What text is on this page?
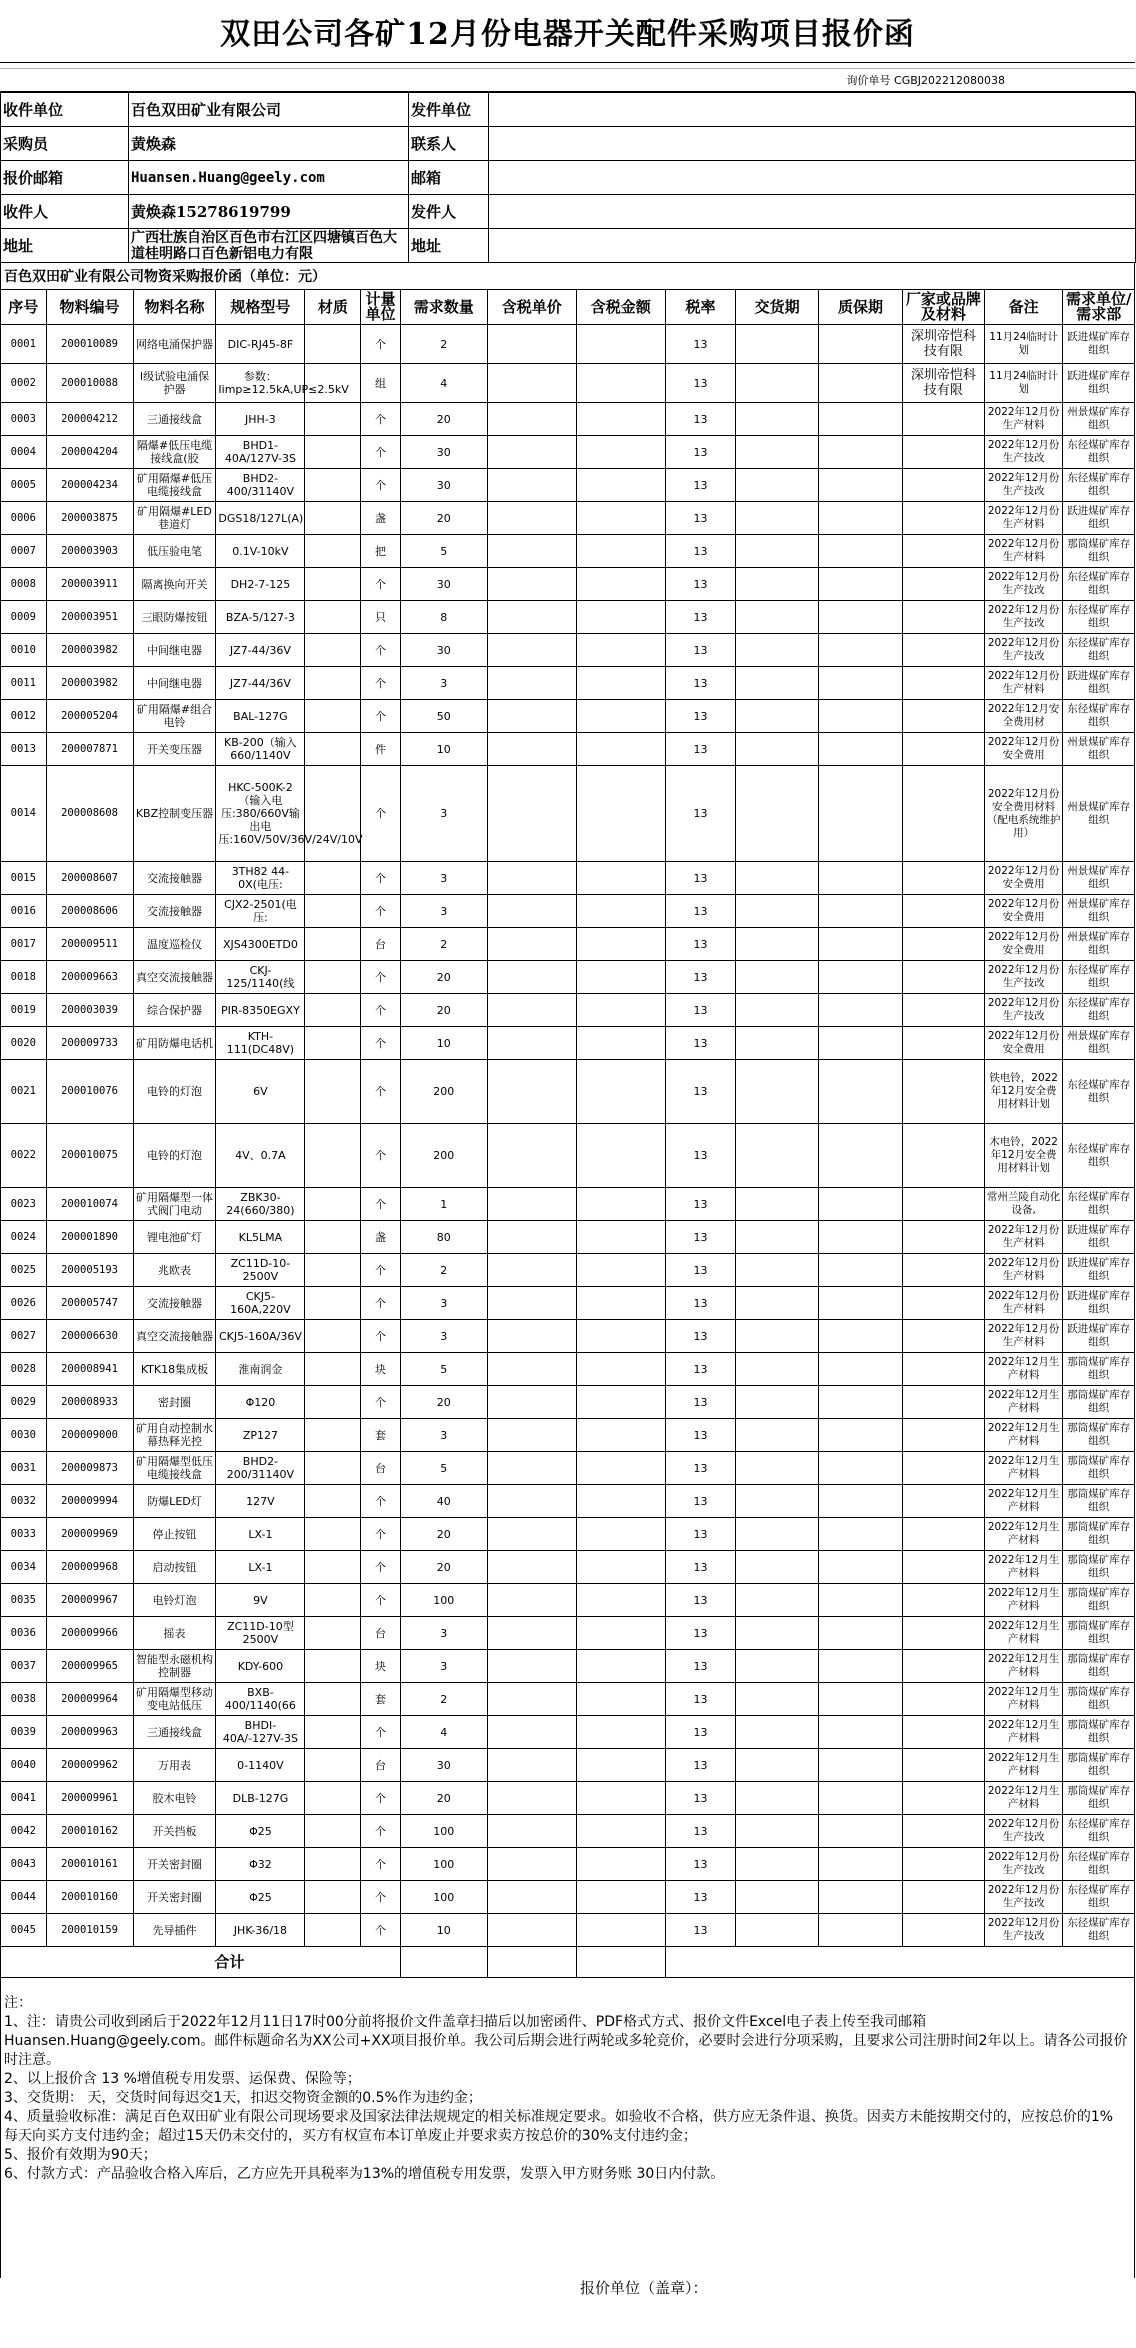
双田公司各矿12月份电器开关配件采购项目报价函
询价单号 CGBJ202212080038
收件单位	百色双田矿业有限公司	发件单位	
采购员	黄焕森	联系人	
报价邮箱	Huansen.Huang@geely.com	邮箱	
收件人	黄焕森15278619799	发件人	
地址	广西壮族自治区百色市右江区四塘镇百色大道桂明路口百色新铝电力有限	地址	
百色双田矿业有限公司物资采购报价函（单位：元）
序号	物料编号	物料名称	规格型号	材质	计量单位	需求数量	含税单价	含税金额	税率	交货期	质保期	厂家或品牌及材料	备注	需求单位/需求部
0001	200010089	网络电涌保护器	DIC-RJ45-8F		个	2			13			深圳帝恺科技有限	11月24临时计划	跃进煤矿库存组织
0002	200010088	I级试验电涌保护器	参数：Iimp≥12.5kA,UP≤2.5kV		组	4			13			深圳帝恺科技有限	11月24临时计划	跃进煤矿库存组织
0003	200004212	三通接线盒	JHH-3		个	20			13				2022年12月份生产材料	州景煤矿库存组织
0004	200004204	隔爆#低压电缆接线盒(胶	BHD1-40A/127V-3S		个	30			13				2022年12月份生产技改	东径煤矿库存组织
0005	200004234	矿用隔爆#低压电缆接线盒	BHD2-400/31140V		个	30			13				2022年12月份生产技改	东径煤矿库存组织
0006	200003875	矿用隔爆#LED巷道灯	DGS18/127L(A)		盏	20			13				2022年12月份生产材料	跃进煤矿库存组织
0007	200003903	低压验电笔	0.1V-10kV		把	5			13				2022年12月份生产材料	那筒煤矿库存组织
0008	200003911	隔离换向开关	DH2-7-125		个	30			13				2022年12月份生产技改	东径煤矿库存组织
0009	200003951	三眼防爆按钮	BZA-5/127-3		只	8			13				2022年12月份生产技改	东径煤矿库存组织
0010	200003982	中间继电器	JZ7-44/36V		个	30			13				2022年12月份生产技改	东径煤矿库存组织
0011	200003982	中间继电器	JZ7-44/36V		个	3			13				2022年12月份生产材料	跃进煤矿库存组织
0012	200005204	矿用隔爆#组合电铃	BAL-127G		个	50			13				2022年12月安全费用材	东径煤矿库存组织
0013	200007871	开关变压器	KB-200（输入660/1140V		件	10			13				2022年12月份安全费用	州景煤矿库存组织
0014	200008608	KBZ控制变压器	HKC-500K-2（输入电压:380/660V输出电压:160V/50V/36V/24V/10V		个	3			13				2022年12月份安全费用材料（配电系统维护用）	州景煤矿库存组织
0015	200008607	交流接触器	3TH82 44-0X(电压:		个	3			13				2022年12月份安全费用	州景煤矿库存组织
0016	200008606	交流接触器	CJX2-2501(电压:		个	3			13				2022年12月份安全费用	州景煤矿库存组织
0017	200009511	温度巡检仪	XJS4300ETD0		台	2			13				2022年12月份安全费用	州景煤矿库存组织
0018	200009663	真空交流接触器	CKJ-125/1140(线		个	20			13				2022年12月份生产技改	东径煤矿库存组织
0019	200003039	综合保护器	PIR-8350EGXY		个	20			13				2022年12月份生产技改	东径煤矿库存组织
0020	200009733	矿用防爆电话机	KTH-111(DC48V)		个	10			13				2022年12月份安全费用	州景煤矿库存组织
0021	200010076	电铃的灯泡	6V		个	200			13				铁电铃，2022年12月安全费用材料计划	东径煤矿库存组织
0022	200010075	电铃的灯泡	4V、0.7A		个	200			13				木电铃，2022年12月安全费用材料计划	东径煤矿库存组织
0023	200010074	矿用隔爆型一体式阀门电动	ZBK30-24(660/380)		个	1			13				常州兰陵自动化设备,	东径煤矿库存组织
0024	200001890	锂电池矿灯	KL5LMA		盏	80			13				2022年12月份生产材料	跃进煤矿库存组织
0025	200005193	兆欧表	ZC11D-10-2500V		个	2			13				2022年12月份生产材料	跃进煤矿库存组织
0026	200005747	交流接触器	CKJ5-160A,220V		个	3			13				2022年12月份生产材料	跃进煤矿库存组织
0027	200006630	真空交流接触器	CKJ5-160A/36V		个	3			13				2022年12月份生产材料	跃进煤矿库存组织
0028	200008941	KTK18集成板	淮南润金		块	5			13				2022年12月生产材料	那筒煤矿库存组织
0029	200008933	密封圈	Φ120		个	20			13				2022年12月生产材料	那筒煤矿库存组织
0030	200009000	矿用自动控制水幕热释光控	ZP127		套	3			13				2022年12月生产材料	那筒煤矿库存组织
0031	200009873	矿用隔爆型低压电缆接线盒	BHD2-200/31140V		台	5			13				2022年12月生产材料	那筒煤矿库存组织
0032	200009994	防爆LED灯	127V		个	40			13				2022年12月生产材料	那筒煤矿库存组织
0033	200009969	停止按钮	LX-1		个	20			13				2022年12月生产材料	那筒煤矿库存组织
0034	200009968	启动按钮	LX-1		个	20			13				2022年12月生产材料	那筒煤矿库存组织
0035	200009967	电铃灯泡	9V		个	100			13				2022年12月生产材料	那筒煤矿库存组织
0036	200009966	摇表	ZC11D-10型2500V		台	3			13				2022年12月生产材料	那筒煤矿库存组织
0037	200009965	智能型永磁机构控制器	KDY-600		块	3			13				2022年12月生产材料	那筒煤矿库存组织
0038	200009964	矿用隔爆型移动变电站低压	BXB-400/1140(66		套	2			13				2022年12月生产材料	那筒煤矿库存组织
0039	200009963	三通接线盒	BHDI-40A/-127V-3S		个	4			13				2022年12月生产材料	那筒煤矿库存组织
0040	200009962	万用表	0-1140V		台	30			13				2022年12月生产材料	那筒煤矿库存组织
0041	200009961	胶木电铃	DLB-127G		个	20			13				2022年12月生产材料	那筒煤矿库存组织
0042	200010162	开关挡板	Φ25		个	100			13				2022年12月份生产技改	东径煤矿库存组织
0043	200010161	开关密封圈	Φ32		个	100			13				2022年12月份生产技改	东径煤矿库存组织
0044	200010160	开关密封圈	Φ25		个	100			13				2022年12月份生产技改	东径煤矿库存组织
0045	200010159	先导插件	JHK-36/18		个	10			13				2022年12月份生产技改	东径煤矿库存组织
合计														
注：
1、注：请贵公司收到函后于2022年12月11日17时00分前将报价文件盖章扫描后以加密函件、PDF格式方式、报价文件Excel电子表上传至我司邮箱Huansen.Huang@geely.com。邮件标题命名为XX公司+XX项目报价单。我公司后期会进行两轮或多轮竞价，必要时会进行分项采购，且要求公司注册时间2年以上。请各公司报价时注意。
2、以上报价含 13 %增值税专用发票、运保费、保险等；
3、交货期： 天，交货时间每迟交1天，扣迟交物资金额的0.5%作为违约金；
4、质量验收标准：满足百色双田矿业有限公司现场要求及国家法律法规规定的相关标准规定要求。如验收不合格，供方应无条件退、换货。因卖方未能按期交付的，应按总价的1% 每天向买方支付违约金；超过15天仍未交付的，买方有权宣布本订单废止并要求卖方按总价的30%支付违约金；
5、报价有效期为90天；
6、付款方式：产品验收合格入库后，乙方应先开具税率为13%的增值税专用发票，发票入甲方财务账 30日内付款。
报价单位（盖章）：
